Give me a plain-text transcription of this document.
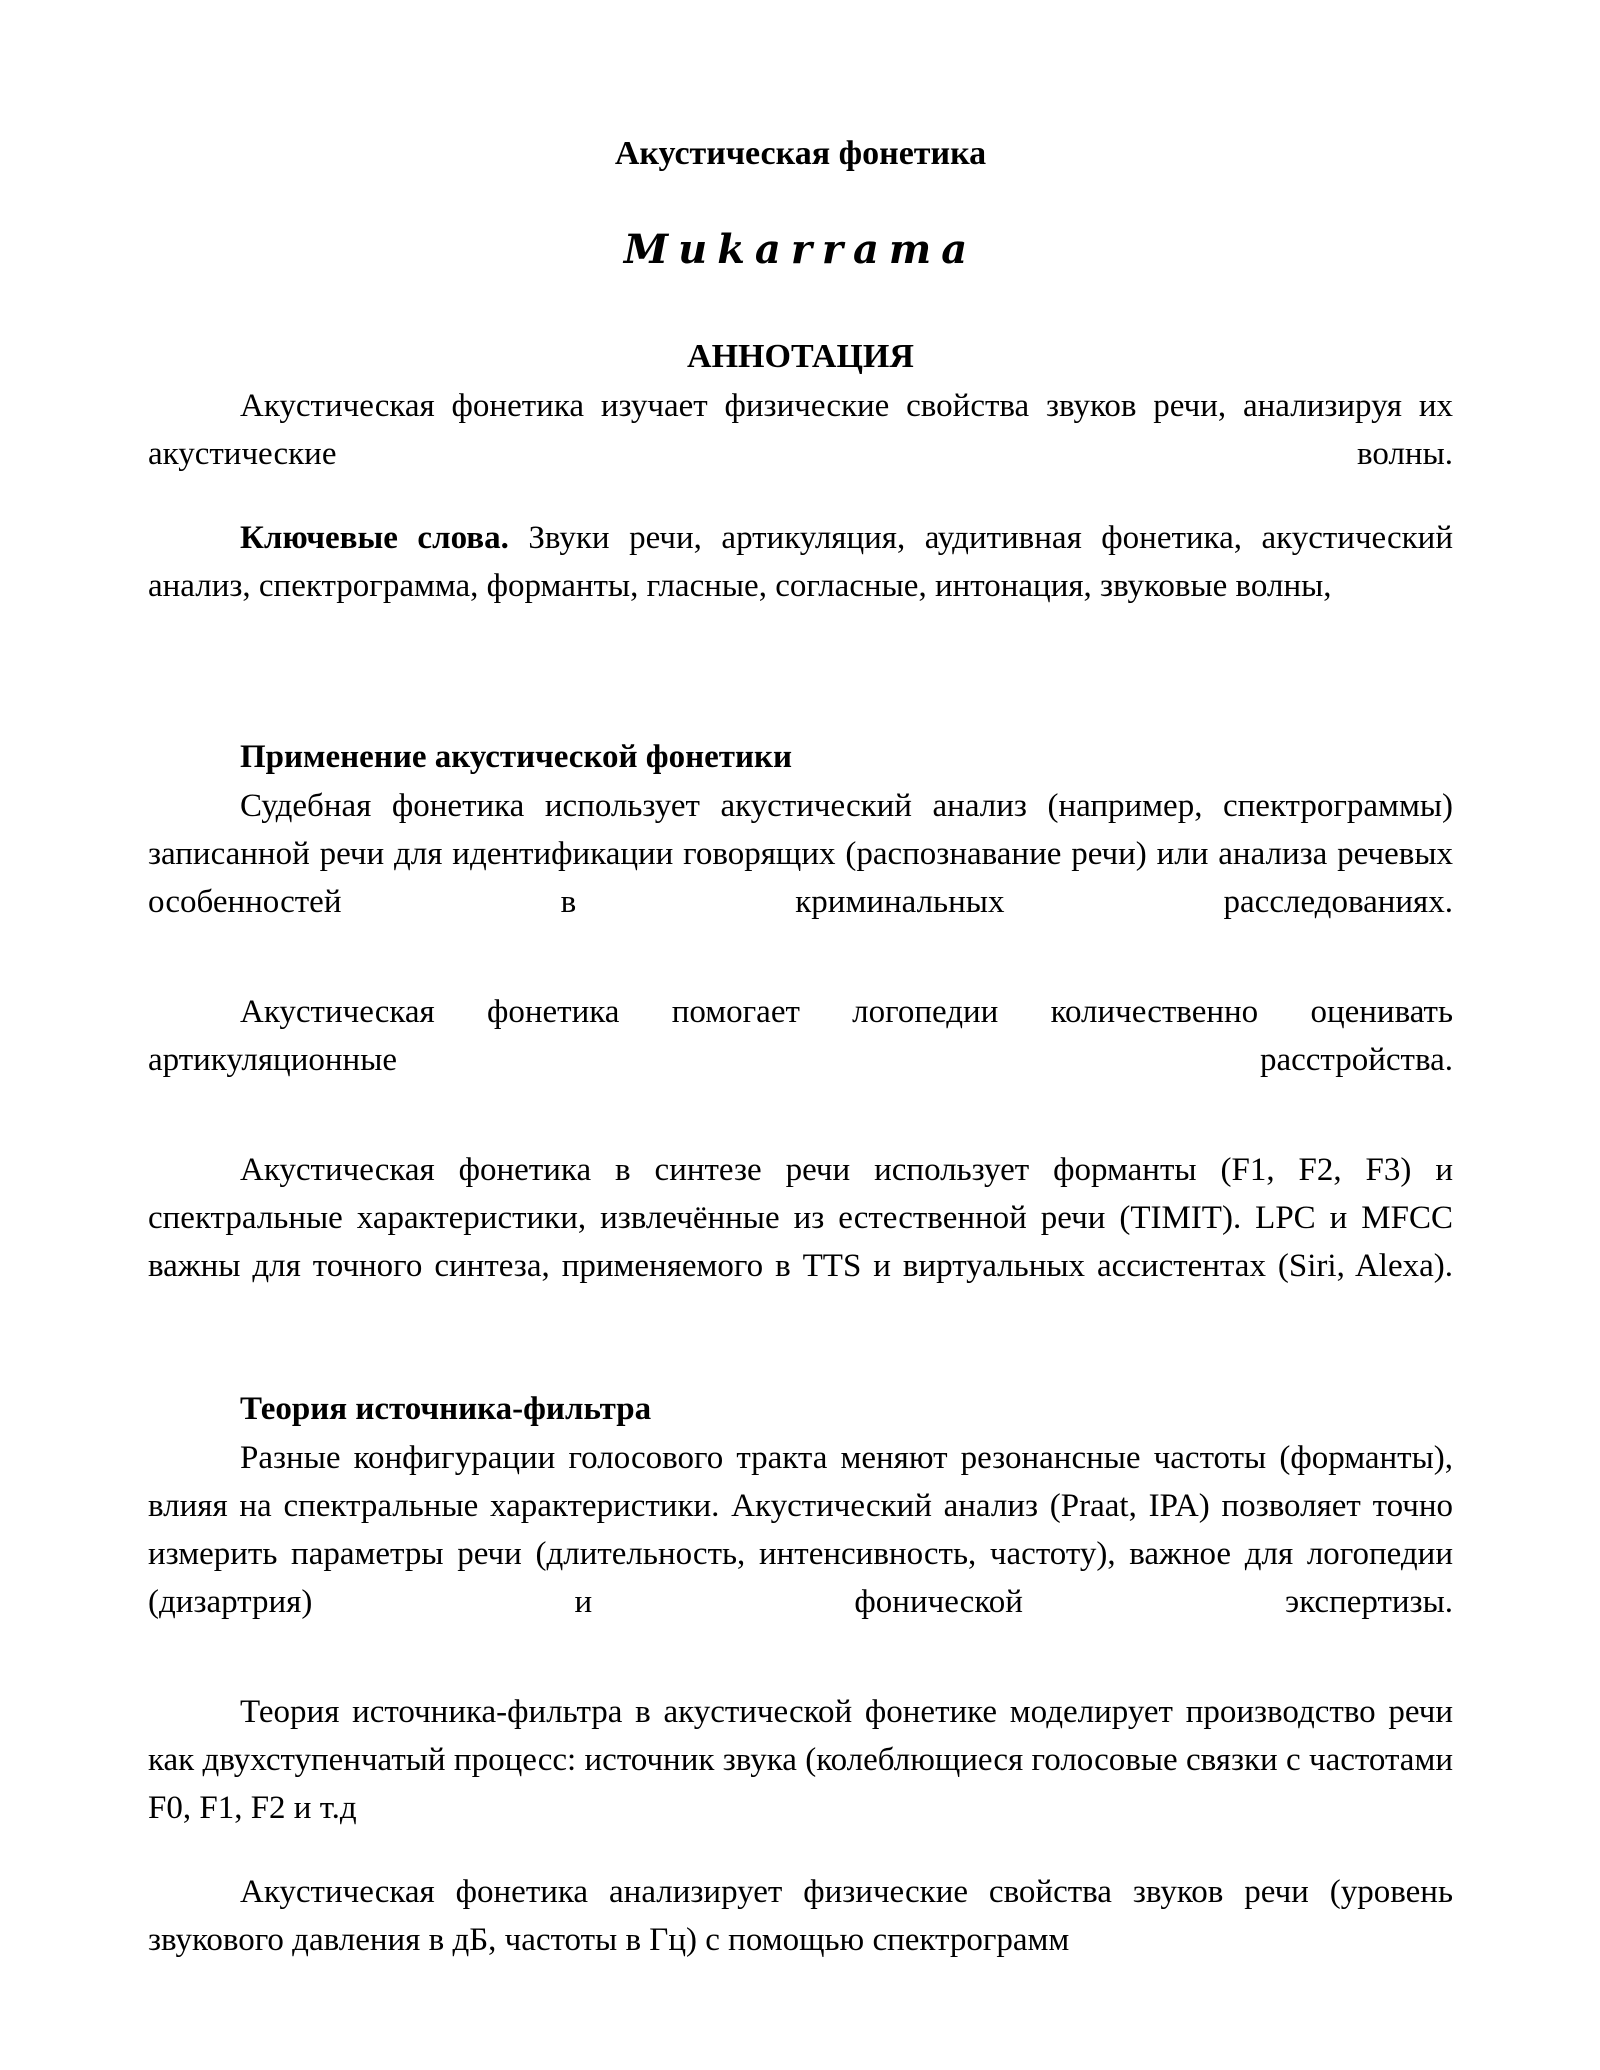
Акустическая фонетика
Mukarrama
АННОТАЦИЯ

Акустическая фонетика изучает физические свойства звуков речи, анализируя их акустические волны.

Ключевые слова. Звуки речи, артикуляция, аудитивная фонетика, акустический анализ, спектрограмма, форманты, гласные, согласные, интонация, звуковые волны,

Применение акустической фонетики

Судебная фонетика использует акустический анализ (например, спектрограммы) записанной речи для идентификации говорящих (распознавание речи) или анализа речевых особенностей в криминальных расследованиях.

Акустическая фонетика помогает логопедии количественно оценивать артикуляционные расстройства.

Акустическая фонетика в синтезе речи использует форманты (F1, F2, F3) и спектральные характеристики, извлечённые из естественной речи (TIMIT). LPC и MFCC важны для точного синтеза, применяемого в TTS и виртуальных ассистентах (Siri, Alexa).

Теория источника-фильтра

Разные конфигурации голосового тракта меняют резонансные частоты (форманты), влияя на спектральные характеристики. Акустический анализ (Praat, IPA) позволяет точно измерить параметры речи (длительность, интенсивность, частоту), важное для логопедии (дизартрия) и фонической экспертизы.

Теория источника-фильтра в акустической фонетике моделирует производство речи как двухступенчатый процесс: источник звука (колеблющиеся голосовые связки с частотами F0, F1, F2 и т.д

Акустическая фонетика анализирует физические свойства звуков речи (уровень звукового давления в дБ, частоты в Гц) с помощью спектрограмм
